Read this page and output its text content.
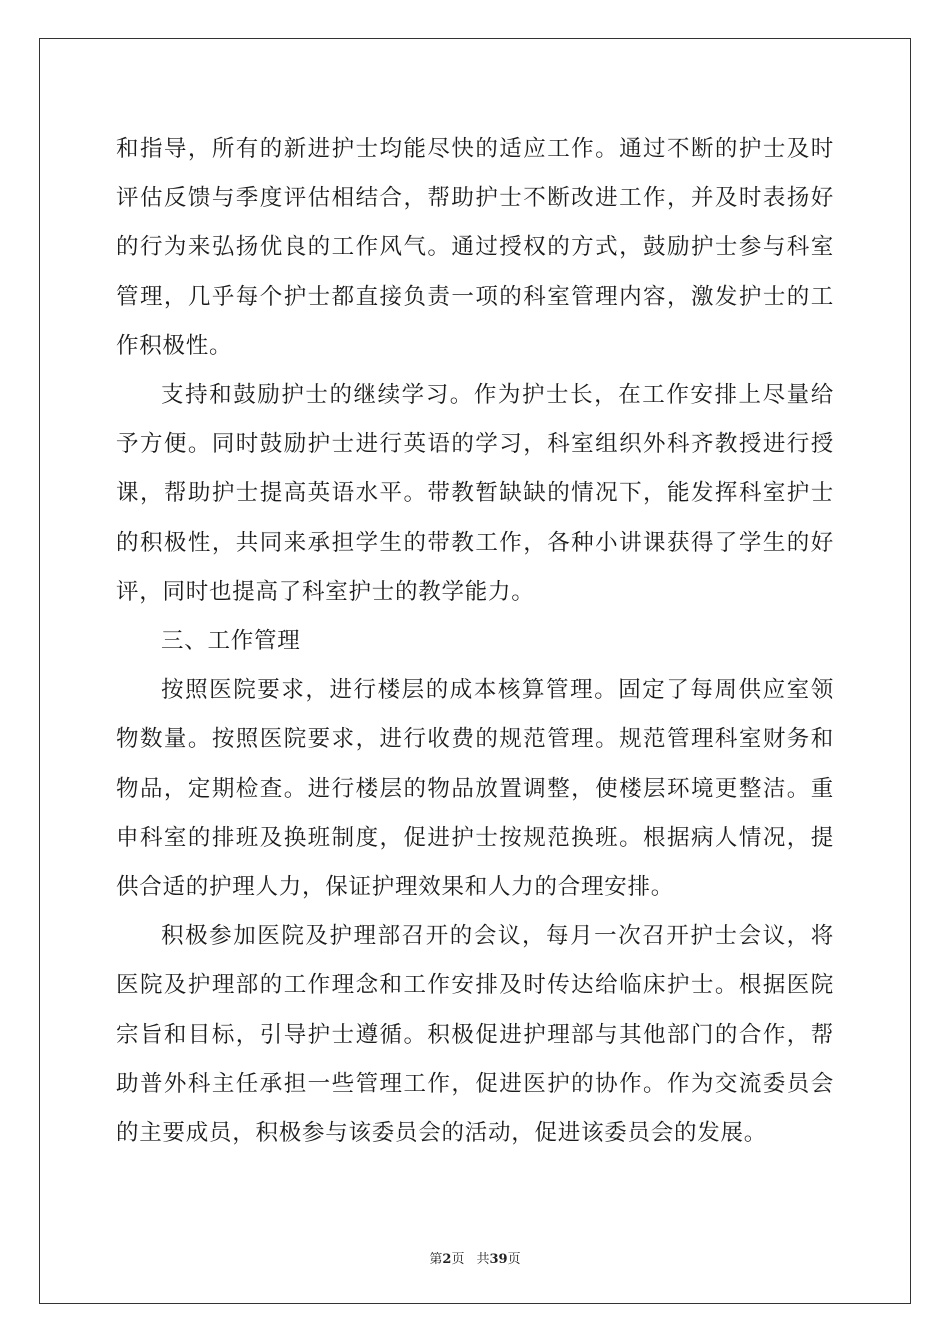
和指导，所有的新进护士均能尽快的适应工作。通过不断的护士及时评估反馈与季度评估相结合，帮助护士不断改进工作，并及时表扬好的行为来弘扬优良的工作风气。通过授权的方式，鼓励护士参与科室管理，几乎每个护士都直接负责一项的科室管理内容，激发护士的工作积极性。

支持和鼓励护士的继续学习。作为护士长，在工作安排上尽量给予方便。同时鼓励护士进行英语的学习，科室组织外科齐教授进行授课，帮助护士提高英语水平。带教暂缺缺的情况下，能发挥科室护士的积极性，共同来承担学生的带教工作，各种小讲课获得了学生的好评，同时也提高了科室护士的教学能力。

三、工作管理

按照医院要求，进行楼层的成本核算管理。固定了每周供应室领物数量。按照医院要求，进行收费的规范管理。规范管理科室财务和物品，定期检查。进行楼层的物品放置调整，使楼层环境更整洁。重申科室的排班及换班制度，促进护士按规范换班。根据病人情况，提供合适的护理人力，保证护理效果和人力的合理安排。

积极参加医院及护理部召开的会议，每月一次召开护士会议，将医院及护理部的工作理念和工作安排及时传达给临床护士。根据医院宗旨和目标，引导护士遵循。积极促进护理部与其他部门的合作，帮助普外科主任承担一些管理工作，促进医护的协作。作为交流委员会的主要成员，积极参与该委员会的活动，促进该委员会的发展。

第2页 共39页
